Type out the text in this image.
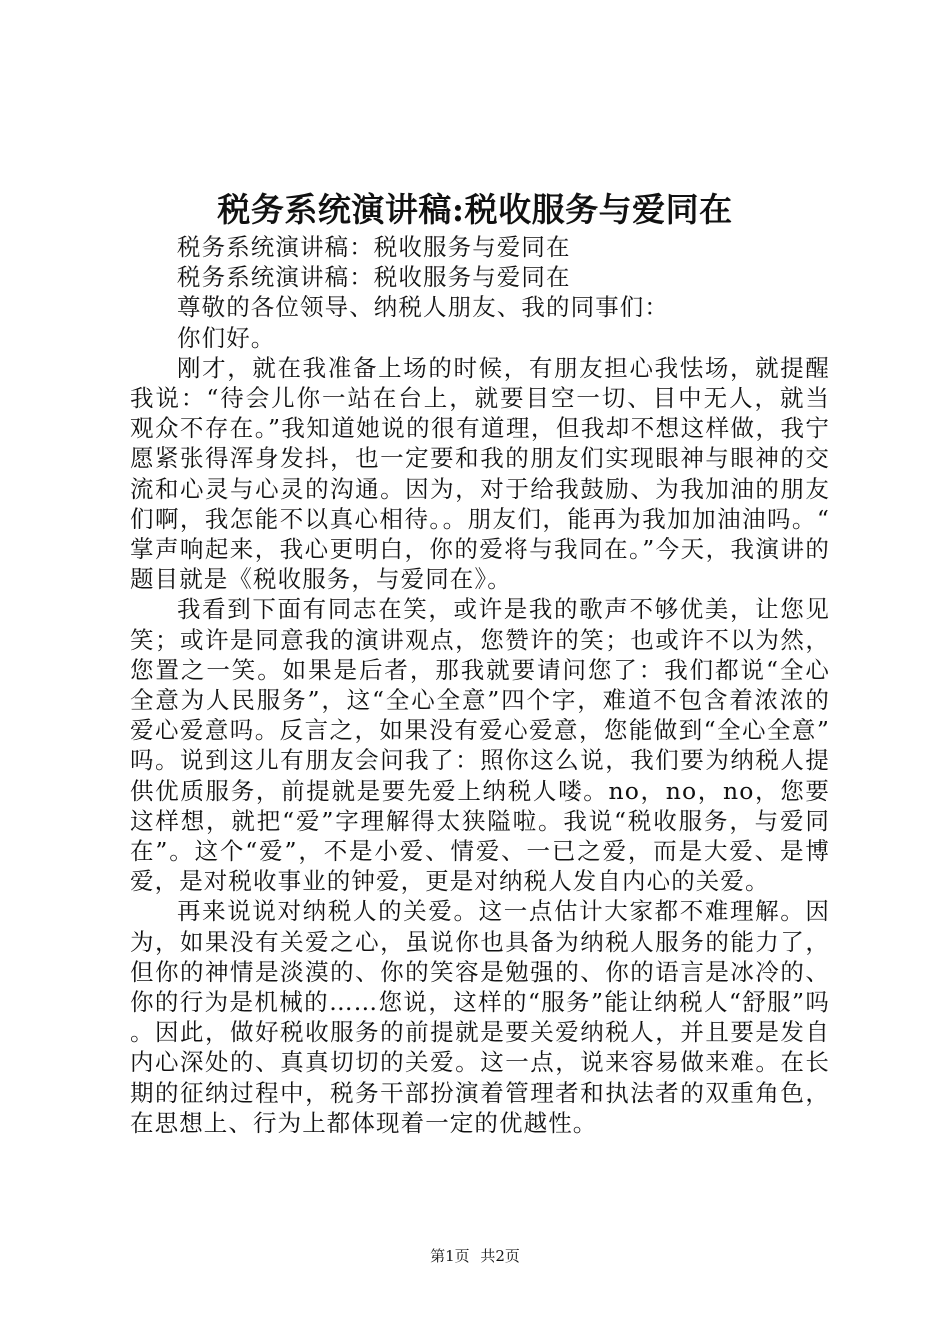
税务系统演讲稿:税收服务与爱同在

税务系统演讲稿：税收服务与爱同在

税务系统演讲稿：税收服务与爱同在

尊敬的各位领导、纳税人朋友、我的同事们：

你们好。

刚才，就在我准备上场的时候，有朋友担心我怯场，就提醒我说：“待会儿你一站在台上，就要目空一切、目中无人，就当观众不存在。”我知道她说的很有道理，但我却不想这样做，我宁愿紧张得浑身发抖，也一定要和我的朋友们实现眼神与眼神的交流和心灵与心灵的沟通。因为，对于给我鼓励、为我加油的朋友们啊，我怎能不以真心相待。。朋友们，能再为我加加油油吗。“掌声响起来，我心更明白，你的爱将与我同在。”今天，我演讲的题目就是《税收服务，与爱同在》。

我看到下面有同志在笑，或许是我的歌声不够优美，让您见笑；或许是同意我的演讲观点，您赞许的笑；也或许不以为然，您置之一笑。如果是后者，那我就要请问您了：我们都说“全心全意为人民服务”，这“全心全意”四个字，难道不包含着浓浓的爱心爱意吗。反言之，如果没有爱心爱意，您能做到“全心全意”吗。说到这儿有朋友会问我了：照你这么说，我们要为纳税人提供优质服务，前提就是要先爱上纳税人喽。no，no，no，您要这样想，就把“爱”字理解得太狭隘啦。我说“税收服务，与爱同在”。这个“爱”，不是小爱、情爱、一已之爱，而是大爱、是博爱，是对税收事业的钟爱，更是对纳税人发自内心的关爱。

再来说说对纳税人的关爱。这一点估计大家都不难理解。因为，如果没有关爱之心，虽说你也具备为纳税人服务的能力了，但你的神情是淡漠的、你的笑容是勉强的、你的语言是冰冷的、你的行为是机械的……您说，这样的“服务”能让纳税人“舒服”吗。因此，做好税收服务的前提就是要关爱纳税人，并且要是发自内心深处的、真真切切的关爱。这一点，说来容易做来难。在长期的征纳过程中，税务干部扮演着管理者和执法者的双重角色，在思想上、行为上都体现着一定的优越性。

第1页 共2页
